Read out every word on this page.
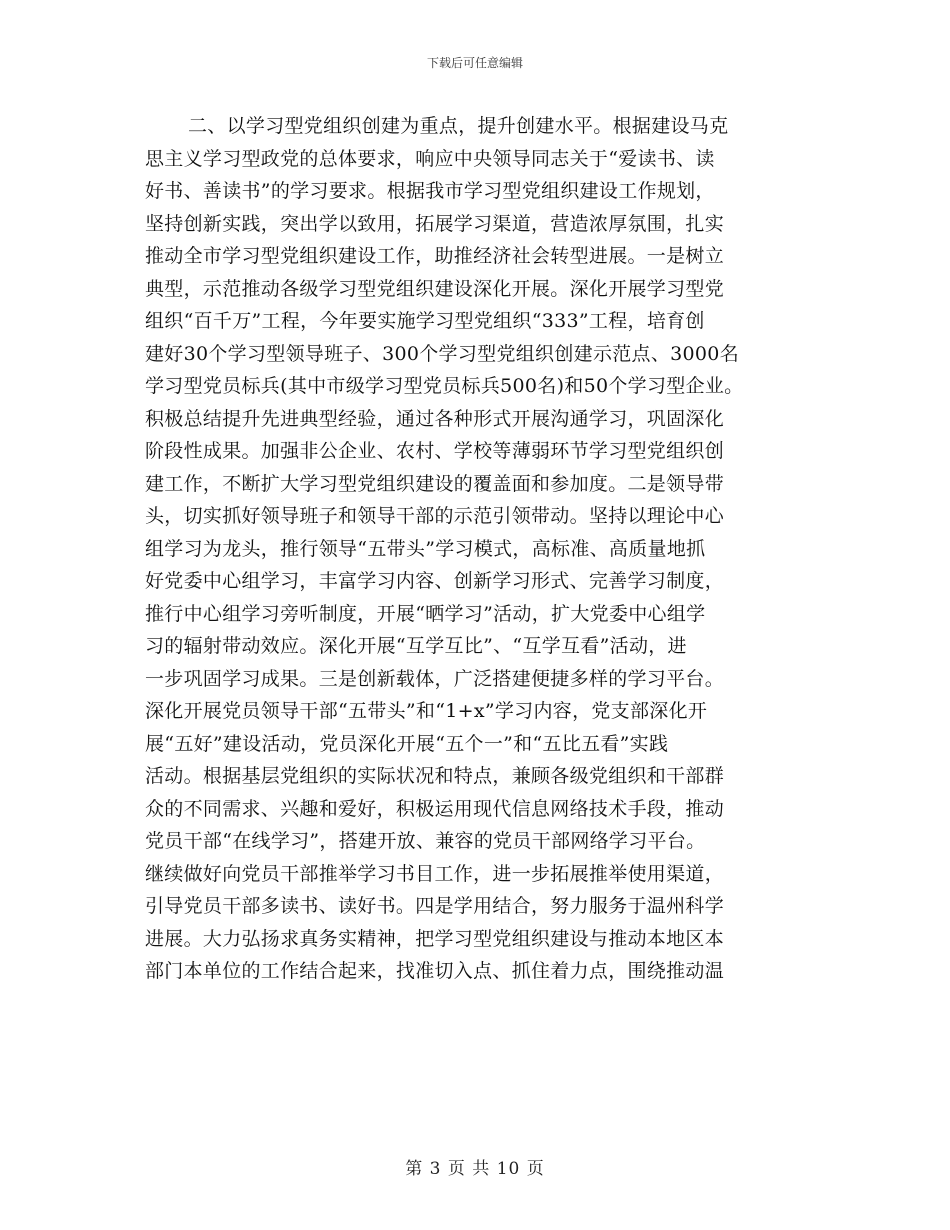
下载后可任意编辑
二、以学习型党组织创建为重点，提升创建水平。根据建设马克
思主义学习型政党的总体要求，响应中央领导同志关于“爱读书、读
好书、善读书”的学习要求。根据我市学习型党组织建设工作规划，
坚持创新实践，突出学以致用，拓展学习渠道，营造浓厚氛围，扎实
推动全市学习型党组织建设工作，助推经济社会转型进展。一是树立
典型，示范推动各级学习型党组织建设深化开展。深化开展学习型党
组织“百千万”工程，今年要实施学习型党组织“333”工程，培育创
建好30个学习型领导班子、300个学习型党组织创建示范点、3000名
学习型党员标兵(其中市级学习型党员标兵500名)和50个学习型企业。
积极总结提升先进典型经验，通过各种形式开展沟通学习，巩固深化
阶段性成果。加强非公企业、农村、学校等薄弱环节学习型党组织创
建工作，不断扩大学习型党组织建设的覆盖面和参加度。二是领导带
头，切实抓好领导班子和领导干部的示范引领带动。坚持以理论中心
组学习为龙头，推行领导“五带头”学习模式，高标准、高质量地抓
好党委中心组学习，丰富学习内容、创新学习形式、完善学习制度，
推行中心组学习旁听制度，开展“晒学习”活动，扩大党委中心组学
习的辐射带动效应。深化开展“互学互比”、“互学互看”活动，进
一步巩固学习成果。三是创新载体，广泛搭建便捷多样的学习平台。
深化开展党员领导干部“五带头”和“1+x”学习内容，党支部深化开
展“五好”建设活动，党员深化开展“五个一”和“五比五看”实践
活动。根据基层党组织的实际状况和特点，兼顾各级党组织和干部群
众的不同需求、兴趣和爱好，积极运用现代信息网络技术手段，推动
党员干部“在线学习”，搭建开放、兼容的党员干部网络学习平台。
继续做好向党员干部推举学习书目工作，进一步拓展推举使用渠道，
引导党员干部多读书、读好书。四是学用结合，努力服务于温州科学
进展。大力弘扬求真务实精神，把学习型党组织建设与推动本地区本
部门本单位的工作结合起来，找准切入点、抓住着力点，围绕推动温
第 3 页 共 10 页
